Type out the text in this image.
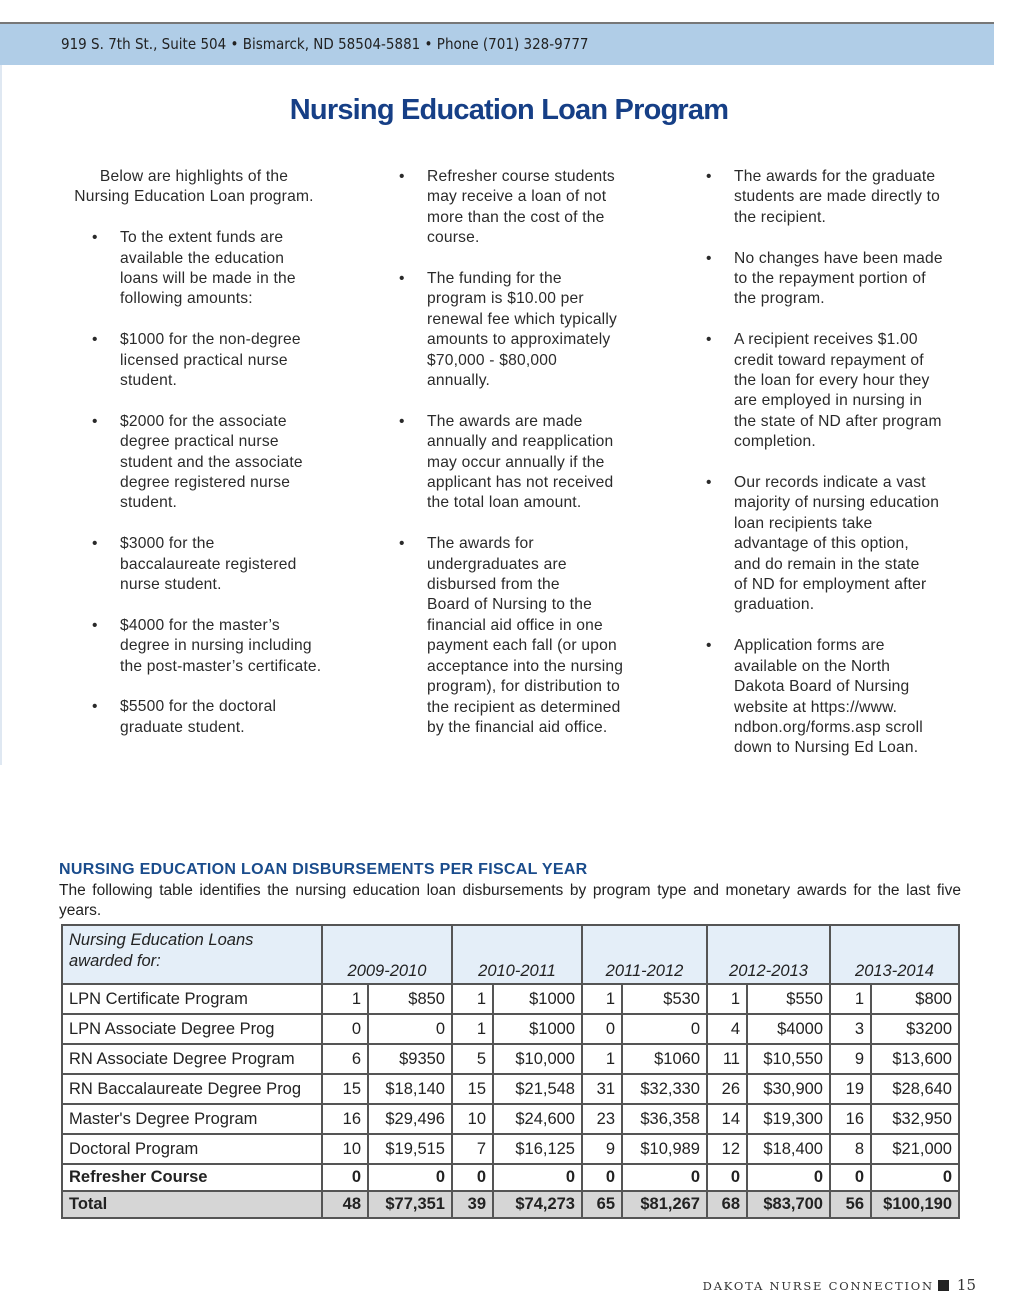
919 S. 7th St., Suite 504 • Bismarck, ND 58504-5881 • Phone (701) 328-9777
Nursing Education Loan Program
Below are highlights of the
Nursing Education Loan program.
• To the extent funds are
available the education
loans will be made in the
following amounts:
• $1000 for the non-degree
licensed practical nurse
student.
• $2000 for the associate
degree practical nurse
student and the associate
degree registered nurse
student.
• $3000 for the
baccalaureate registered
nurse student.
• $4000 for the master’s
degree in nursing including
the post-master’s certificate.
• $5500 for the doctoral
graduate student.
• Refresher course students
may receive a loan of not
more than the cost of the
course.
• The funding for the
program is $10.00 per
renewal fee which typically
amounts to approximately
$70,000 - $80,000
annually.
• The awards are made
annually and reapplication
may occur annually if the
applicant has not received
the total loan amount.
• The awards for
undergraduates are
disbursed from the
Board of Nursing to the
financial aid office in one
payment each fall (or upon
acceptance into the nursing
program), for distribution to
the recipient as determined
by the financial aid office.
• The awards for the graduate
students are made directly to
the recipient.
• No changes have been made
to the repayment portion of
the program.
• A recipient receives $1.00
credit toward repayment of
the loan for every hour they
are employed in nursing in
the state of ND after program
completion.
• Our records indicate a vast
majority of nursing education
loan recipients take
advantage of this option,
and do remain in the state
of ND for employment after
graduation.
• Application forms are
available on the North
Dakota Board of Nursing
website at https://www.
ndbon.org/forms.asp scroll
down to Nursing Ed Loan.
NURSING EDUCATION LOAN DISBURSEMENTS PER FISCAL YEAR
The following table identifies the nursing education loan disbursements by program type and monetary awards for the last five years.
Nursing Education Loans awarded for:	2009-2010		2010-2011		2011-2012		2012-2013		2013-2014	
LPN Certificate Program	1	$850	1	$1000	1	$530	1	$550	1	$800
LPN Associate Degree Prog	0	0	1	$1000	0	0	4	$4000	3	$3200
RN Associate Degree Program	6	$9350	5	$10,000	1	$1060	11	$10,550	9	$13,600
RN Baccalaureate Degree Prog	15	$18,140	15	$21,548	31	$32,330	26	$30,900	19	$28,640
Master's Degree Program	16	$29,496	10	$24,600	23	$36,358	14	$19,300	16	$32,950
Doctoral Program	10	$19,515	7	$16,125	9	$10,989	12	$18,400	8	$21,000
Refresher Course	0	0	0	0	0	0	0	0	0	0
Total	48	$77,351	39	$74,273	65	$81,267	68	$83,700	56	$100,190
DAKOTA NURSE CONNECTION 15
